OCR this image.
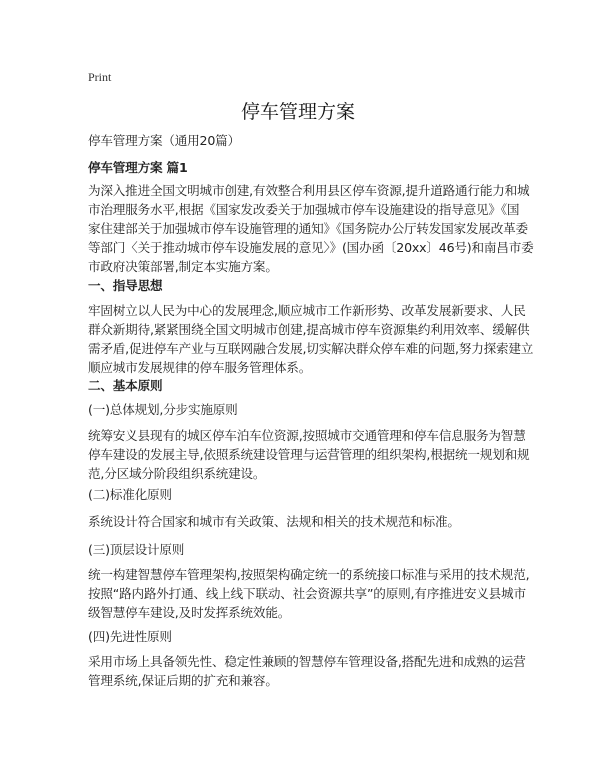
Print
停车管理方案
停车管理方案（通用20篇）
停车管理方案 篇1
为深入推进全国文明城市创建,有效整合利用县区停车资源,提升道路通行能力和城
市治理服务水平,根据《国家发改委关于加强城市停车设施建设的指导意见》《国
家住建部关于加强城市停车设施管理的通知》《国务院办公厅转发国家发展改革委
等部门〈关于推动城市停车设施发展的意见〉》(国办函〔20xx〕46号)和南昌市委
市政府决策部署,制定本实施方案。
一、指导思想
牢固树立以人民为中心的发展理念,顺应城市工作新形势、改革发展新要求、人民
群众新期待,紧紧围绕全国文明城市创建,提高城市停车资源集约利用效率、缓解供
需矛盾,促进停车产业与互联网融合发展,切实解决群众停车难的问题,努力探索建立
顺应城市发展规律的停车服务管理体系。
二、基本原则
(一)总体规划,分步实施原则
统筹安义县现有的城区停车泊车位资源,按照城市交通管理和停车信息服务为智慧
停车建设的发展主导,依照系统建设管理与运营管理的组织架构,根据统一规划和规
范,分区域分阶段组织系统建设。
(二)标准化原则
系统设计符合国家和城市有关政策、法规和相关的技术规范和标准。
(三)顶层设计原则
统一构建智慧停车管理架构,按照架构确定统一的系统接口标准与采用的技术规范,
按照“路内路外打通、线上线下联动、社会资源共享”的原则,有序推进安义县城市
级智慧停车建设,及时发挥系统效能。
(四)先进性原则
采用市场上具备领先性、稳定性兼顾的智慧停车管理设备,搭配先进和成熟的运营
管理系统,保证后期的扩充和兼容。
